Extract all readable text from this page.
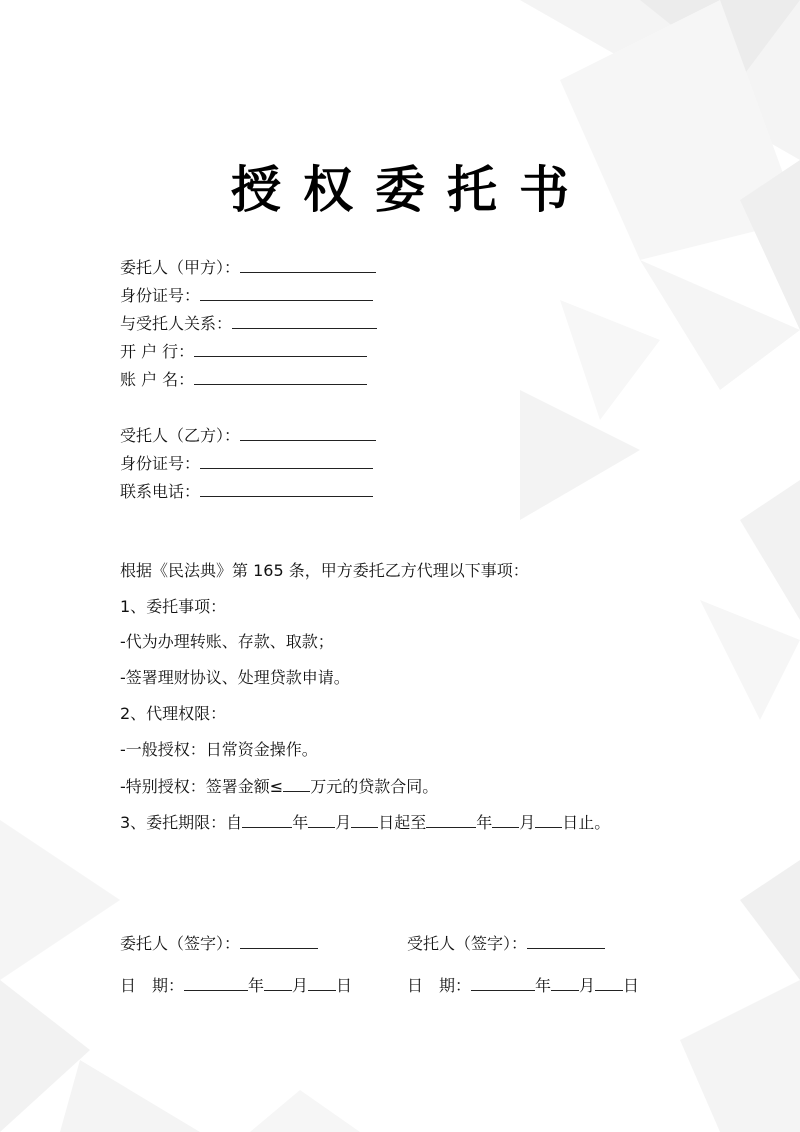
授权委托书
委托人（甲方）：
身份证号：
与受托人关系：
开 户 行：
账 户 名：
受托人（乙方）：
身份证号：
联系电话：
根据《民法典》第 165 条，甲方委托乙方代理以下事项：
1、委托事项：
-代为办理转账、存款、取款；
-签署理财协议、处理贷款申请。
2、代理权限：
-一般授权：日常资金操作。
-特别授权：签署金额≤ 万元的贷款合同。
3、委托期限：自	年 月 日起至	年 月 日止。
委托人（签字）：	受托人（签字）：
日　期：	年 月 日	日　期：	年 月 日
